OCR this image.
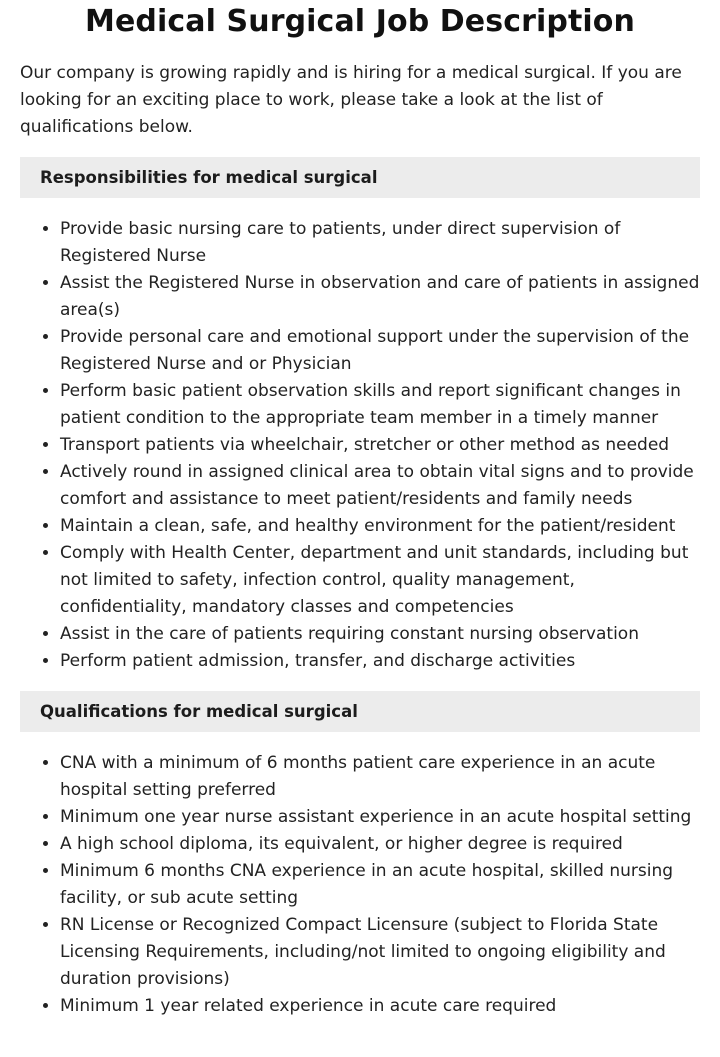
Medical Surgical Job Description

Our company is growing rapidly and is hiring for a medical surgical. If you are looking for an exciting place to work, please take a look at the list of qualifications below.

Responsibilities for medical surgical
• Provide basic nursing care to patients, under direct supervision of Registered Nurse
• Assist the Registered Nurse in observation and care of patients in assigned area(s)
• Provide personal care and emotional support under the supervision of the Registered Nurse and or Physician
• Perform basic patient observation skills and report significant changes in patient condition to the appropriate team member in a timely manner
• Transport patients via wheelchair, stretcher or other method as needed
• Actively round in assigned clinical area to obtain vital signs and to provide comfort and assistance to meet patient/residents and family needs
• Maintain a clean, safe, and healthy environment for the patient/resident
• Comply with Health Center, department and unit standards, including but not limited to safety, infection control, quality management, confidentiality, mandatory classes and competencies
• Assist in the care of patients requiring constant nursing observation
• Perform patient admission, transfer, and discharge activities
Qualifications for medical surgical
• CNA with a minimum of 6 months patient care experience in an acute hospital setting preferred
• Minimum one year nurse assistant experience in an acute hospital setting
• A high school diploma, its equivalent, or higher degree is required
• Minimum 6 months CNA experience in an acute hospital, skilled nursing facility, or sub acute setting
• RN License or Recognized Compact Licensure (subject to Florida State Licensing Requirements, including/not limited to ongoing eligibility and duration provisions)
• Minimum 1 year related experience in acute care required
